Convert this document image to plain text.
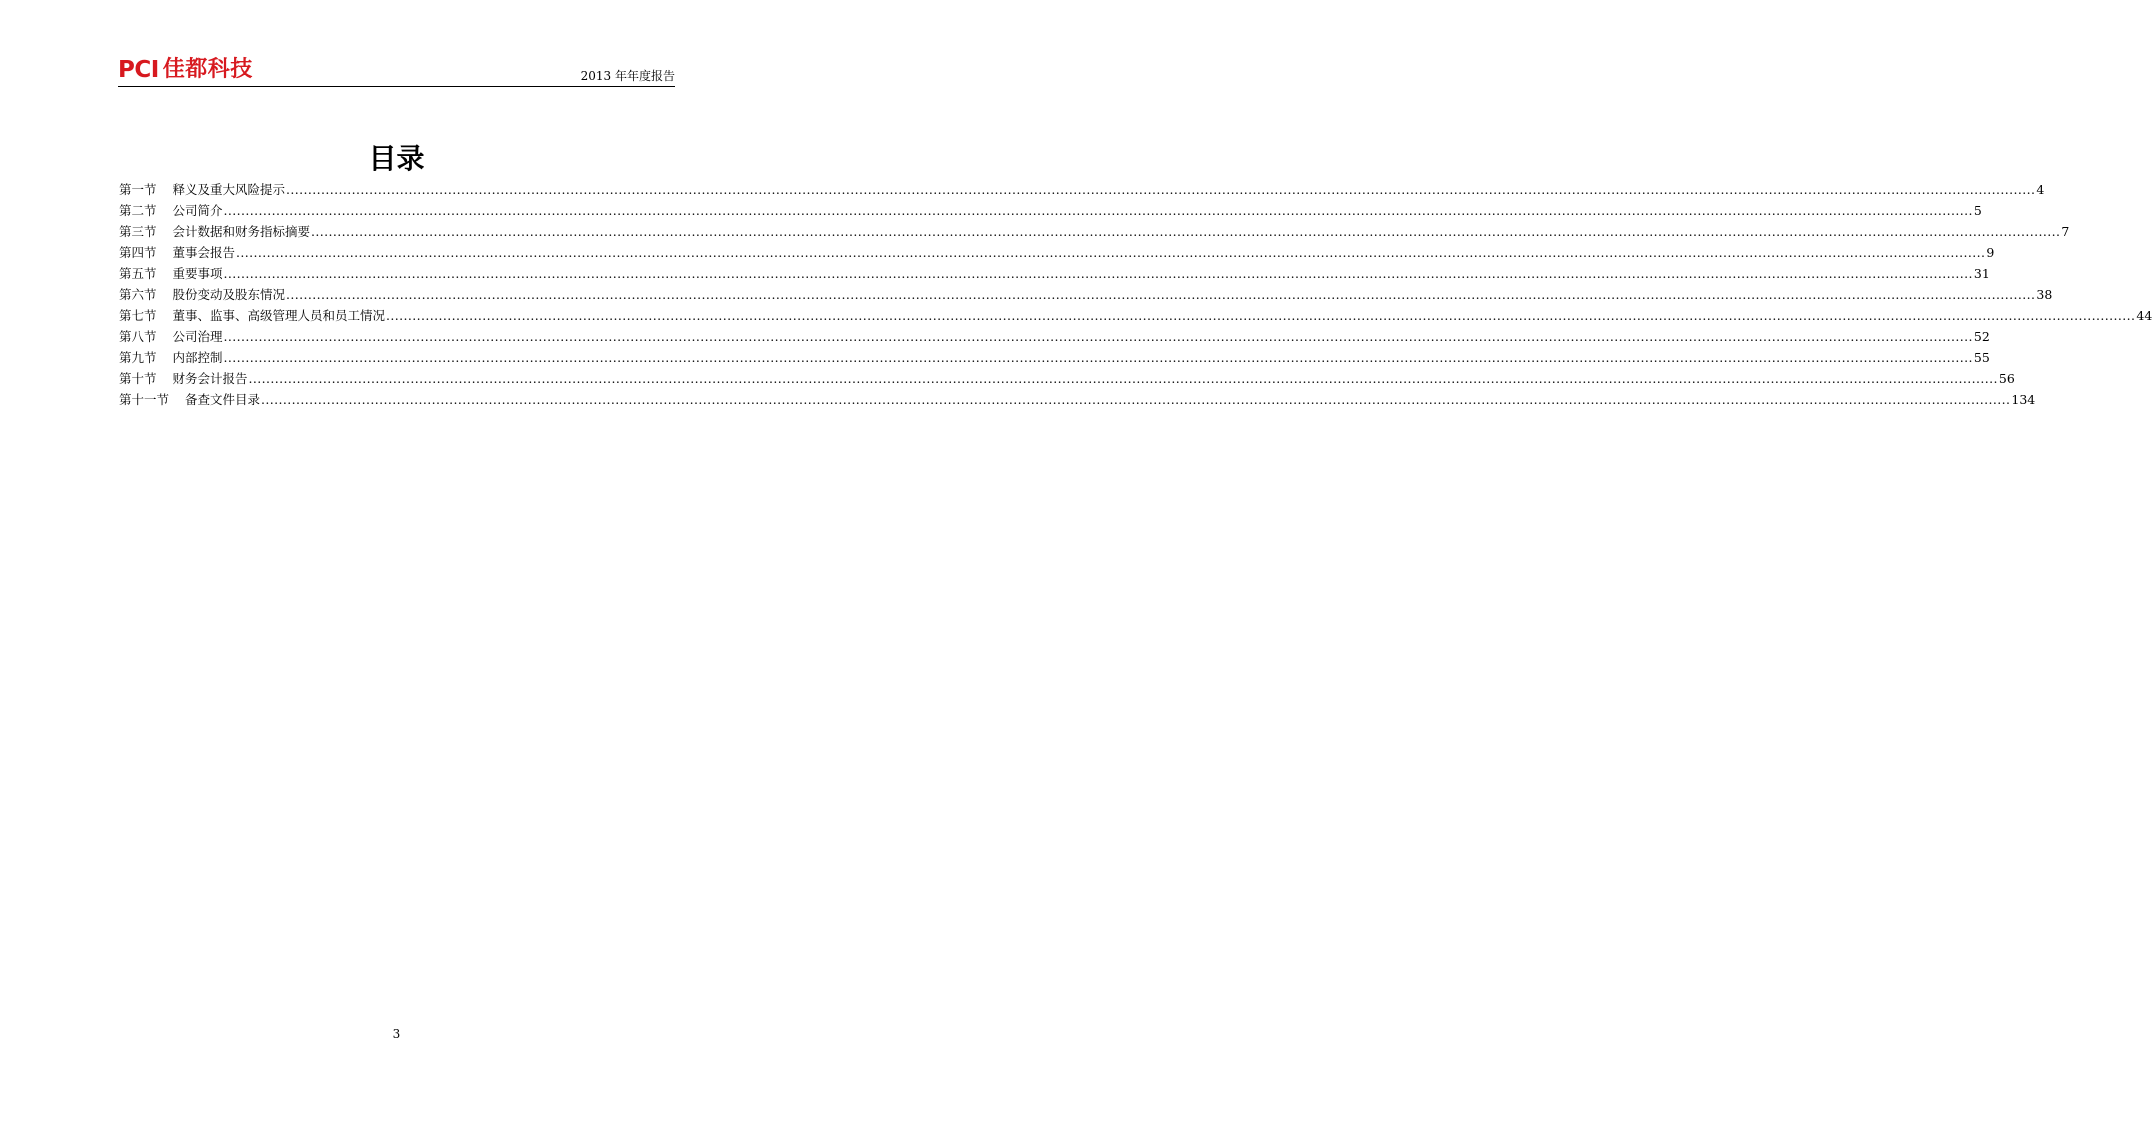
PCI 佳都科技	2013 年年度报告
目录
第一节 释义及重大风险提示 ................................................................................................................................................................................................................................................................................................................................................................................................................ 4
第二节 公司简介 ................................................................................................................................................................................................................................................................................................................................................................................................................ 5
第三节 会计数据和财务指标摘要 ................................................................................................................................................................................................................................................................................................................................................................................................................ 7
第四节 董事会报告 ................................................................................................................................................................................................................................................................................................................................................................................................................ 9
第五节 重要事项 ................................................................................................................................................................................................................................................................................................................................................................................................................ 31
第六节 股份变动及股东情况 ................................................................................................................................................................................................................................................................................................................................................................................................................ 38
第七节 董事、监事、高级管理人员和员工情况 ................................................................................................................................................................................................................................................................................................................................................................................................................ 44
第八节 公司治理 ................................................................................................................................................................................................................................................................................................................................................................................................................ 52
第九节 内部控制 ................................................................................................................................................................................................................................................................................................................................................................................................................ 55
第十节 财务会计报告 ................................................................................................................................................................................................................................................................................................................................................................................................................ 56
第十一节 备查文件目录 ................................................................................................................................................................................................................................................................................................................................................................................................................ 134
3
